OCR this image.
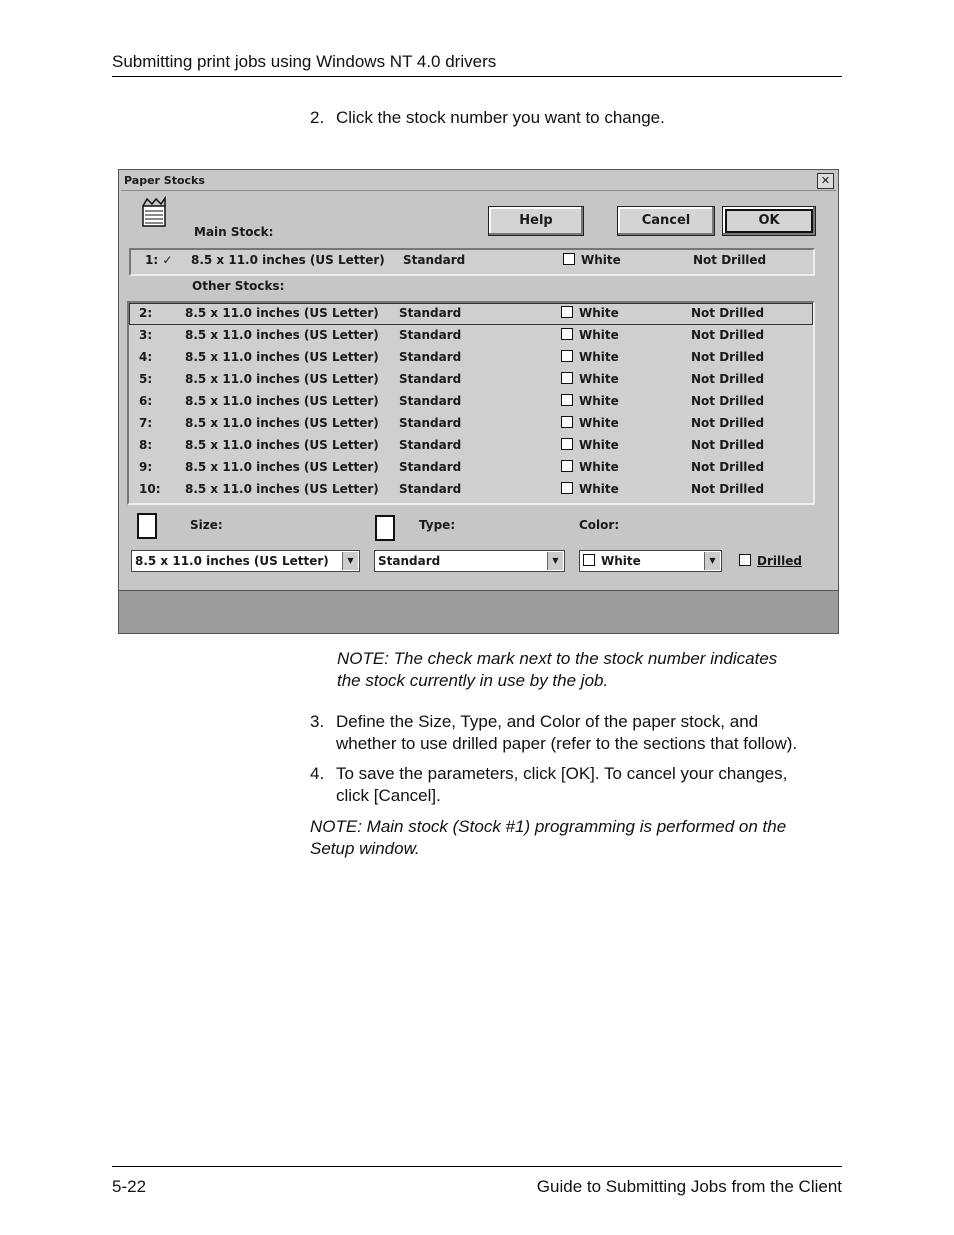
Submitting print jobs using Windows NT 4.0 drivers
2. Click the stock number you want to change.
Paper Stocks	✕
Main Stock:
Help	Cancel	OK
1: ✓ 8.5 x 11.0 inches (US Letter) Standard	White	Not Drilled
Other Stocks:
2:	8.5 x 11.0 inches (US Letter) Standard	White	Not Drilled
3:	8.5 x 11.0 inches (US Letter) Standard	White	Not Drilled
4:	8.5 x 11.0 inches (US Letter) Standard	White	Not Drilled
5:	8.5 x 11.0 inches (US Letter) Standard	White	Not Drilled
6:	8.5 x 11.0 inches (US Letter) Standard	White	Not Drilled
7:	8.5 x 11.0 inches (US Letter) Standard	White	Not Drilled
8:	8.5 x 11.0 inches (US Letter) Standard	White	Not Drilled
9:	8.5 x 11.0 inches (US Letter) Standard	White	Not Drilled
10: 8.5 x 11.0 inches (US Letter) Standard	White	Not Drilled
Size:	Type:	Color:
8.5 x 11.0 inches (US Letter)	▼	Standard	▼	White	▼	Drilled
NOTE: The check mark next to the stock number indicates
the stock currently in use by the job.
3. Define the Size, Type, and Color of the paper stock, and
whether to use drilled paper (refer to the sections that follow).
4. To save the parameters, click [OK]. To cancel your changes,
click [Cancel].
NOTE: Main stock (Stock #1) programming is performed on the
Setup window.
5-22	Guide to Submitting Jobs from the Client
